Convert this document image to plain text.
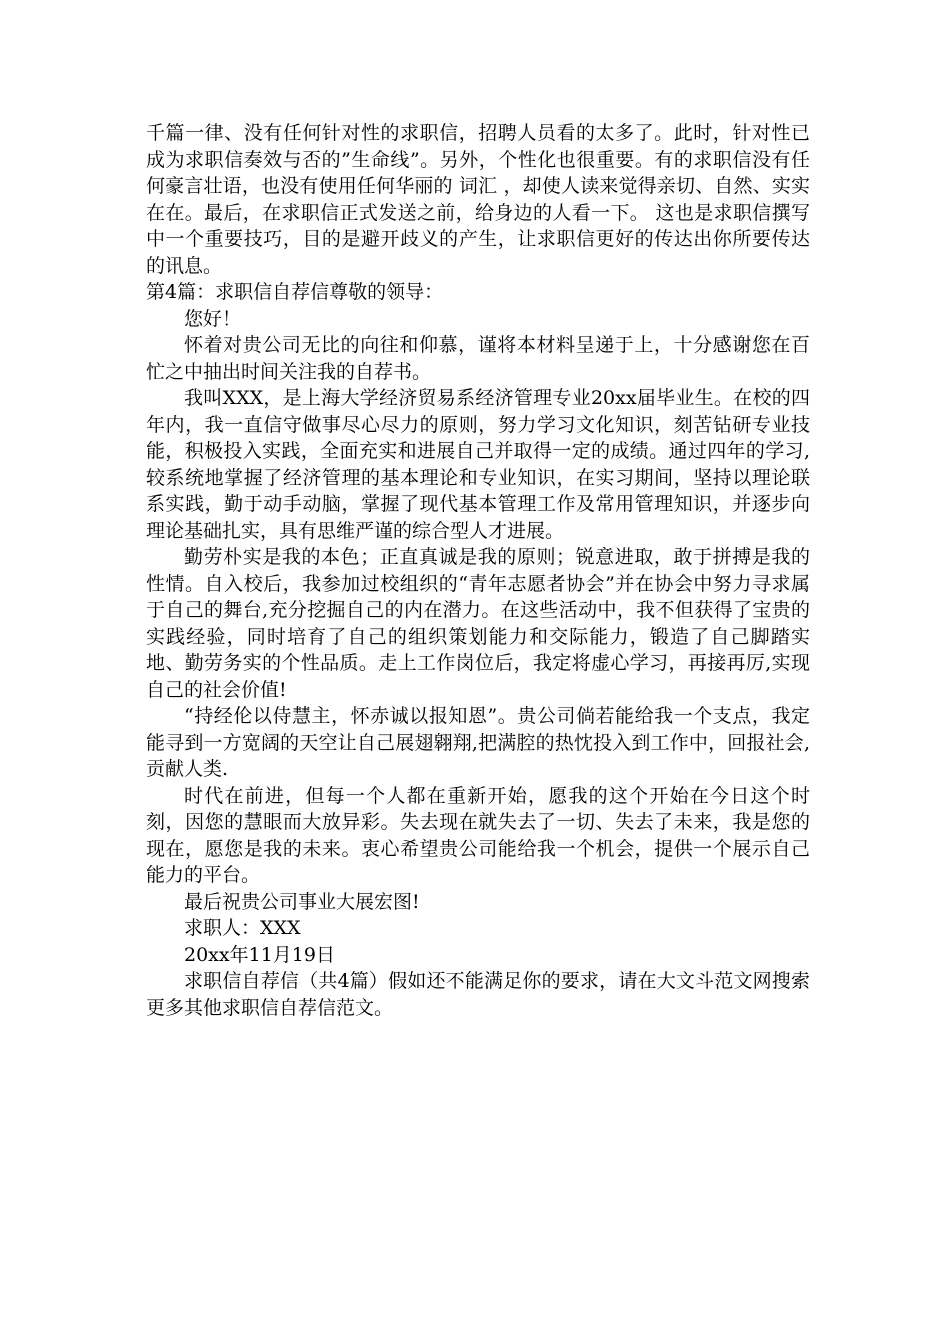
千篇一律、没有任何针对性的求职信，招聘人员看的太多了。此时，针对性已成为求职信奏效与否的”生命线”。另外，个性化也很重要。有的求职信没有任何豪言壮语，也没有使用任何华丽的 词汇 ，却使人读来觉得亲切、自然、实实在在。最后，在求职信正式发送之前，给身边的人看一下。 这也是求职信撰写中一个重要技巧，目的是避开歧义的产生，让求职信更好的传达出你所要传达的讯息。

第4篇：求职信自荐信尊敬的领导：

您好！

怀着对贵公司无比的向往和仰慕，谨将本材料呈递于上，十分感谢您在百忙之中抽出时间关注我的自荐书。

我叫XXX，是上海大学经济贸易系经济管理专业20xx届毕业生。在校的四年内，我一直信守做事尽心尽力的原则，努力学习文化知识，刻苦钻研专业技能，积极投入实践，全面充实和进展自己并取得一定的成绩。通过四年的学习,较系统地掌握了经济管理的基本理论和专业知识，在实习期间，坚持以理论联系实践，勤于动手动脑，掌握了现代基本管理工作及常用管理知识，并逐步向理论基础扎实，具有思维严谨的综合型人才进展。

勤劳朴实是我的本色；正直真诚是我的原则；锐意进取，敢于拼搏是我的性情。自入校后，我参加过校组织的“青年志愿者协会”并在协会中努力寻求属于自己的舞台,充分挖掘自己的内在潜力。在这些活动中，我不但获得了宝贵的实践经验，同时培育了自己的组织策划能力和交际能力，锻造了自己脚踏实地、勤劳务实的个性品质。走上工作岗位后，我定将虚心学习，再接再厉,实现自己的社会价值!

“持经伦以侍慧主，怀赤诚以报知恩”。贵公司倘若能给我一个支点，我定能寻到一方宽阔的天空让自己展翅翱翔,把满腔的热忱投入到工作中，回报社会,贡献人类.

时代在前进，但每一个人都在重新开始，愿我的这个开始在今日这个时刻，因您的慧眼而大放异彩。失去现在就失去了一切、失去了未来，我是您的现在，愿您是我的未来。衷心希望贵公司能给我一个机会，提供一个展示自己能力的平台。

最后祝贵公司事业大展宏图!

求职人：XXX

20xx年11月19日

求职信自荐信（共4篇）假如还不能满足你的要求，请在大文斗范文网搜索更多其他求职信自荐信范文。
